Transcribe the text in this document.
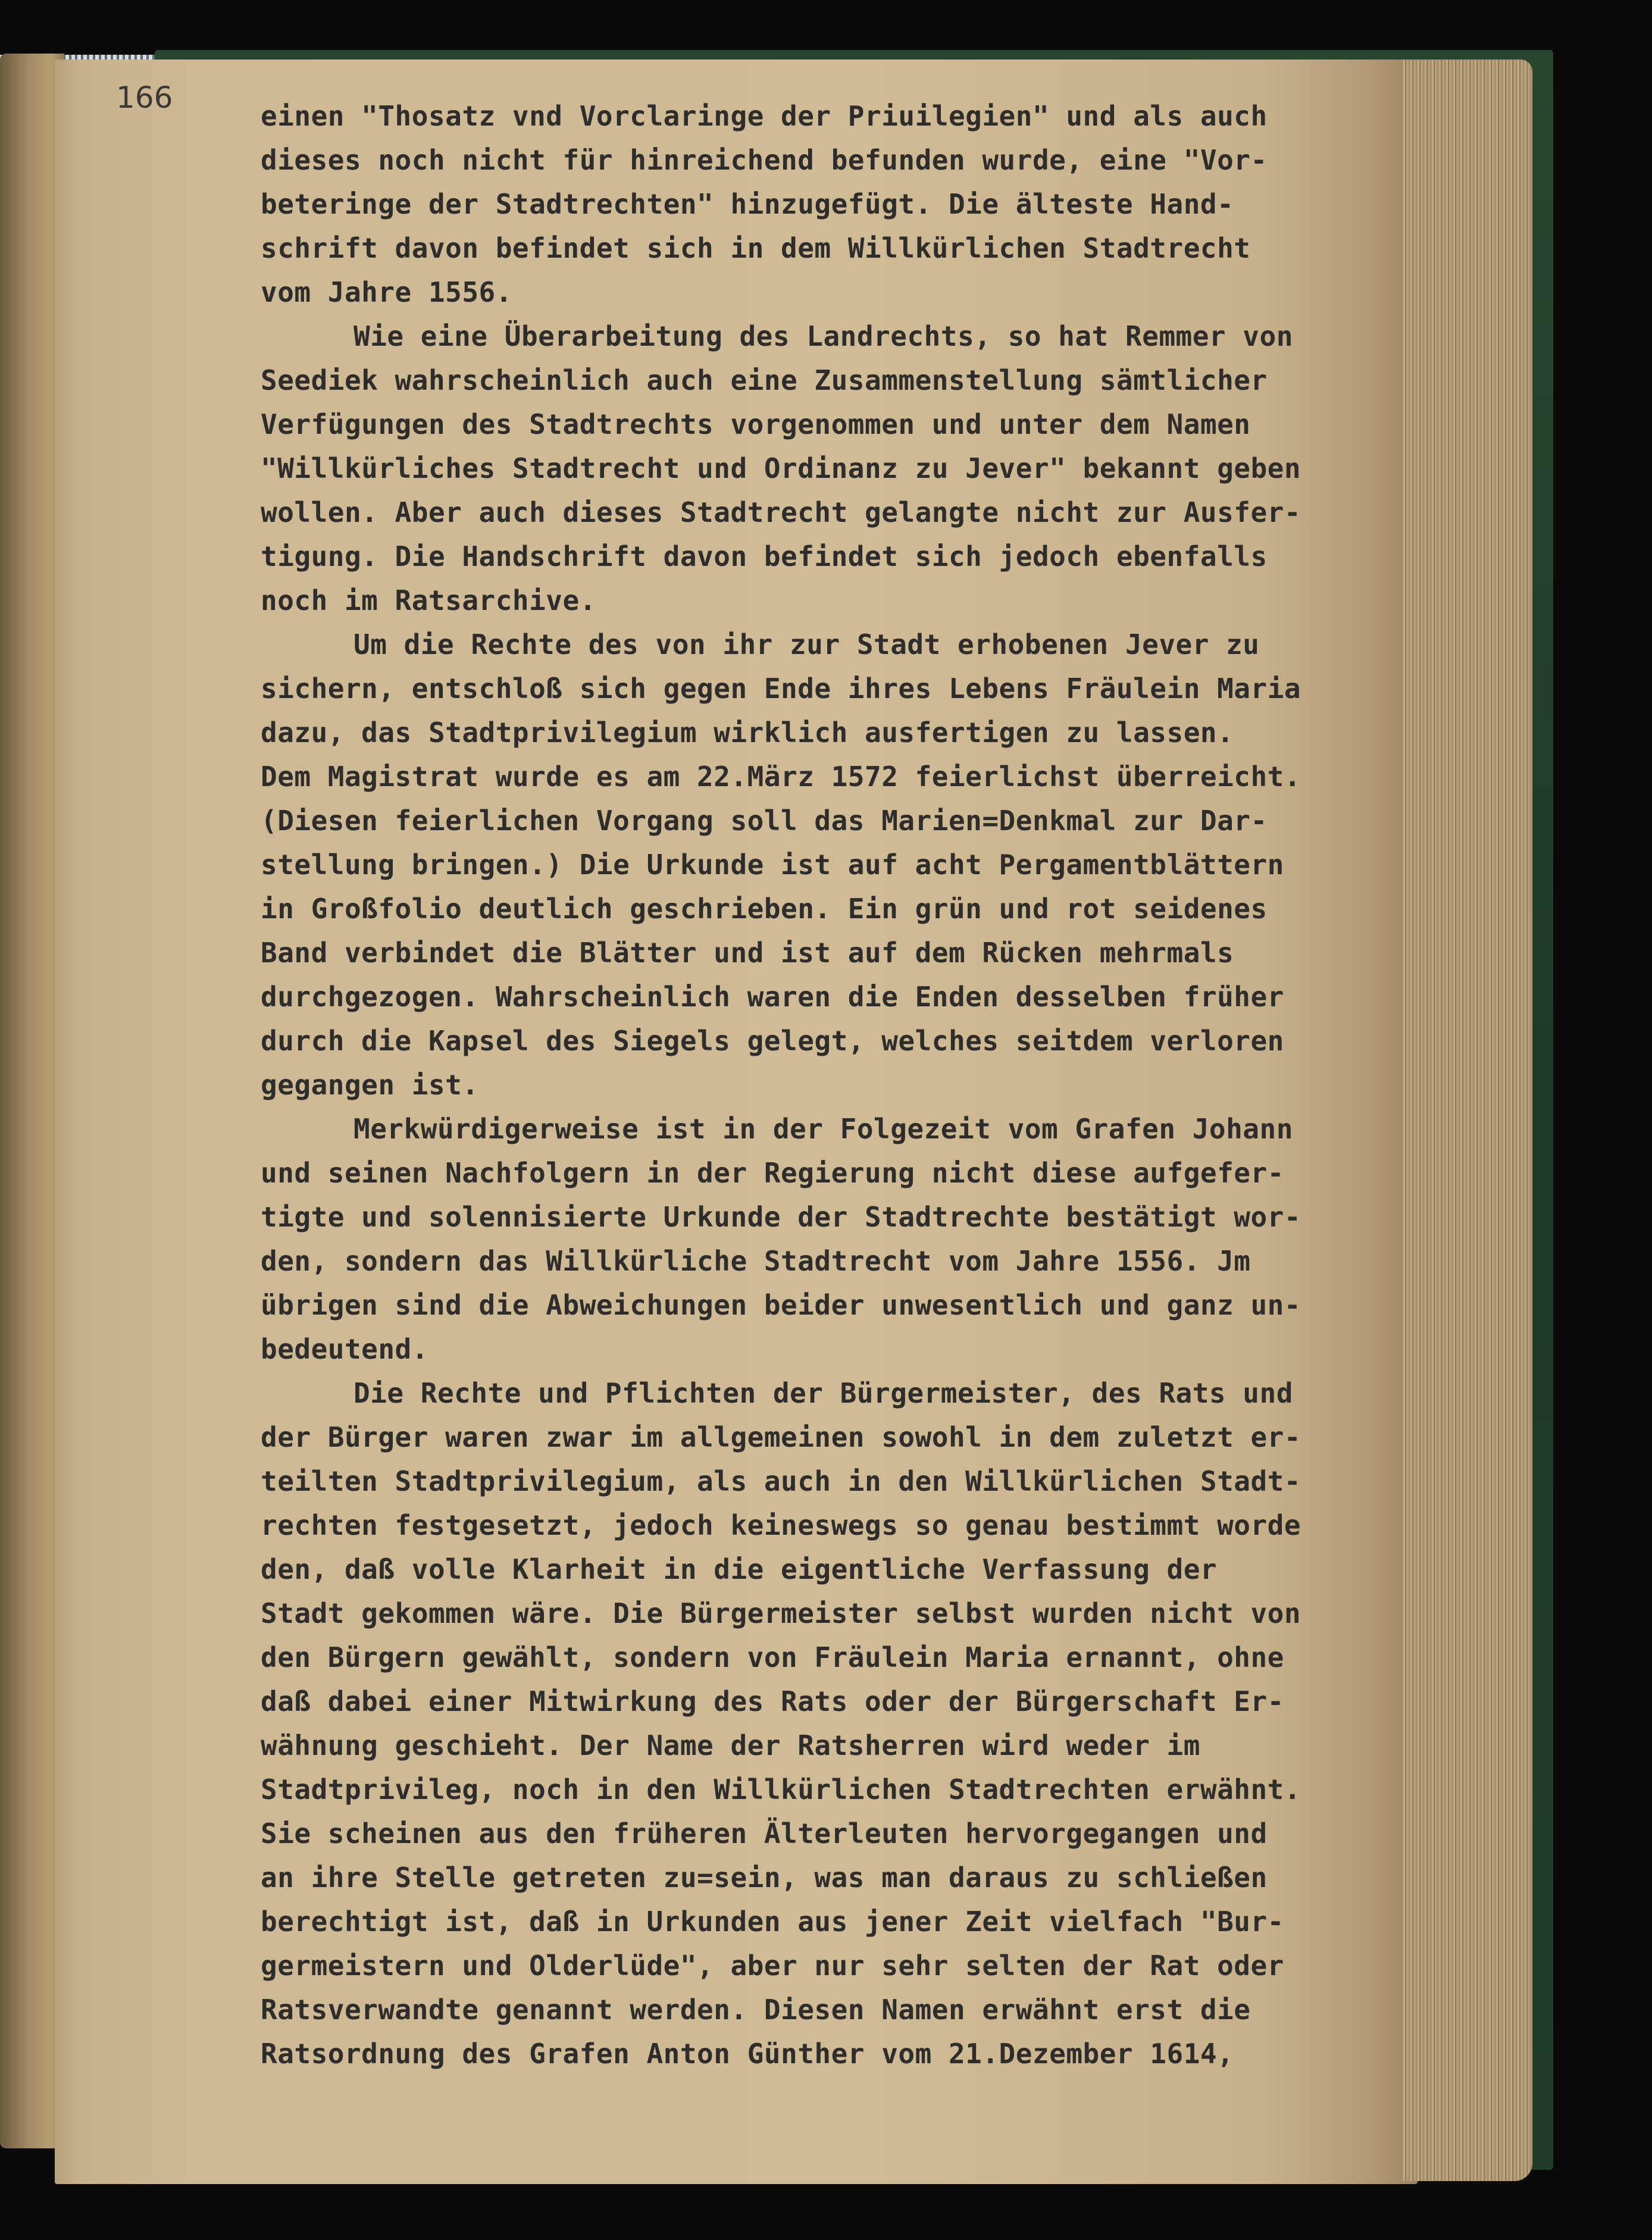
166
einen "Thosatz vnd Vorclaringe der Priuilegien" und als auch
dieses noch nicht für hinreichend befunden wurde, eine "Vor-
beteringe der Stadtrechten" hinzugefügt. Die älteste Hand-
schrift davon befindet sich in dem Willkürlichen Stadtrecht
vom Jahre 1556.
Wie eine Überarbeitung des Landrechts, so hat Remmer von
Seediek wahrscheinlich auch eine Zusammenstellung sämtlicher
Verfügungen des Stadtrechts vorgenommen und unter dem Namen
"Willkürliches Stadtrecht und Ordinanz zu Jever" bekannt geben
wollen. Aber auch dieses Stadtrecht gelangte nicht zur Ausfer-
tigung. Die Handschrift davon befindet sich jedoch ebenfalls
noch im Ratsarchive.
Um die Rechte des von ihr zur Stadt erhobenen Jever zu
sichern, entschloß sich gegen Ende ihres Lebens Fräulein Maria
dazu, das Stadtprivilegium wirklich ausfertigen zu lassen.
Dem Magistrat wurde es am 22.März 1572 feierlichst überreicht.
(Diesen feierlichen Vorgang soll das Marien=Denkmal zur Dar-
stellung bringen.) Die Urkunde ist auf acht Pergamentblättern
in Großfolio deutlich geschrieben. Ein grün und rot seidenes
Band verbindet die Blätter und ist auf dem Rücken mehrmals
durchgezogen. Wahrscheinlich waren die Enden desselben früher
durch die Kapsel des Siegels gelegt, welches seitdem verloren
gegangen ist.
Merkwürdigerweise ist in der Folgezeit vom Grafen Johann
und seinen Nachfolgern in der Regierung nicht diese aufgefer-
tigte und solennisierte Urkunde der Stadtrechte bestätigt wor-
den, sondern das Willkürliche Stadtrecht vom Jahre 1556. Jm
übrigen sind die Abweichungen beider unwesentlich und ganz un-
bedeutend.
Die Rechte und Pflichten der Bürgermeister, des Rats und
der Bürger waren zwar im allgemeinen sowohl in dem zuletzt er-
teilten Stadtprivilegium, als auch in den Willkürlichen Stadt-
rechten festgesetzt, jedoch keineswegs so genau bestimmt worde
den, daß volle Klarheit in die eigentliche Verfassung der
Stadt gekommen wäre. Die Bürgermeister selbst wurden nicht von
den Bürgern gewählt, sondern von Fräulein Maria ernannt, ohne
daß dabei einer Mitwirkung des Rats oder der Bürgerschaft Er-
wähnung geschieht. Der Name der Ratsherren wird weder im
Stadtprivileg, noch in den Willkürlichen Stadtrechten erwähnt.
Sie scheinen aus den früheren Älterleuten hervorgegangen und
an ihre Stelle getreten zu=sein, was man daraus zu schließen
berechtigt ist, daß in Urkunden aus jener Zeit vielfach "Bur-
germeistern und Olderlüde", aber nur sehr selten der Rat oder
Ratsverwandte genannt werden. Diesen Namen erwähnt erst die
Ratsordnung des Grafen Anton Günther vom 21.Dezember 1614,
